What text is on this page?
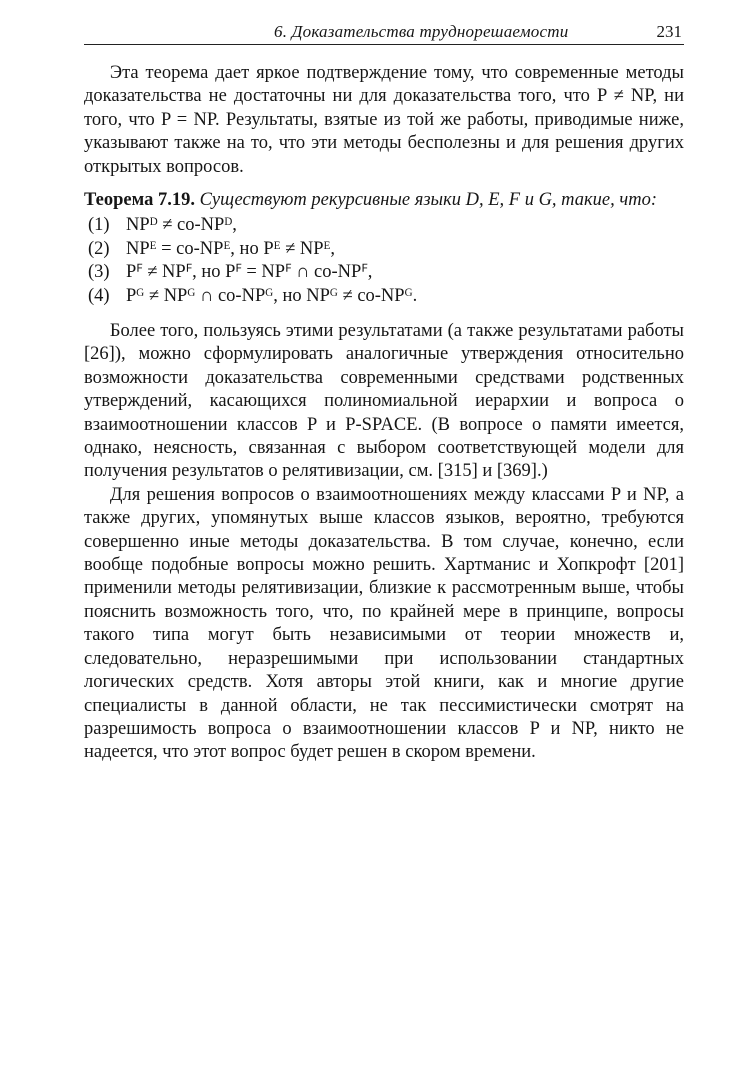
6. Доказательства труднорешаемости	231

Эта теорема дает яркое подтверждение тому, что современные методы доказательства не достаточны ни для доказательства того, что P ≠ NP, ни того, что P = NP. Результаты, взятые из той же работы, приводимые ниже, указывают также на то, что эти методы бесполезны и для решения других открытых вопросов.

Теорема 7.19. Существуют рекурсивные языки D, E, F и G, такие, что:

(1) NPᴰ ≠ co-NPᴰ,
(2) NPᴱ = co-NPᴱ, но Pᴱ ≠ NPᴱ,
(3) Pꟳ ≠ NPꟳ, но Pꟳ = NPꟳ ∩ co-NPꟳ,
(4) Pᴳ ≠ NPᴳ ∩ co-NPᴳ, но NPᴳ ≠ co-NPᴳ.

Более того, пользуясь этими результатами (а также результатами работы [26]), можно сформулировать аналогичные утверждения относительно возможности доказательства современными средствами родственных утверждений, касающихся полиномиальной иерархии и вопроса о взаимоотношении классов P и P-SPACE. (В вопросе о памяти имеется, однако, неясность, связанная с выбором соответствующей модели для получения результатов о релятивизации, см. [315] и [369].)

Для решения вопросов о взаимоотношениях между классами P и NP, а также других, упомянутых выше классов языков, вероятно, требуются совершенно иные методы доказательства. В том случае, конечно, если вообще подобные вопросы можно решить. Хартманис и Хопкрофт [201] применили методы релятивизации, близкие к рассмотренным выше, чтобы пояснить возможность того, что, по крайней мере в принципе, вопросы такого типа могут быть независимыми от теории множеств и, следовательно, неразрешимыми при использовании стандартных логических средств. Хотя авторы этой книги, как и многие другие специалисты в данной области, не так пессимистически смотрят на разрешимость вопроса о взаимоотношении классов P и NP, никто не надеется, что этот вопрос будет решен в скором времени.
